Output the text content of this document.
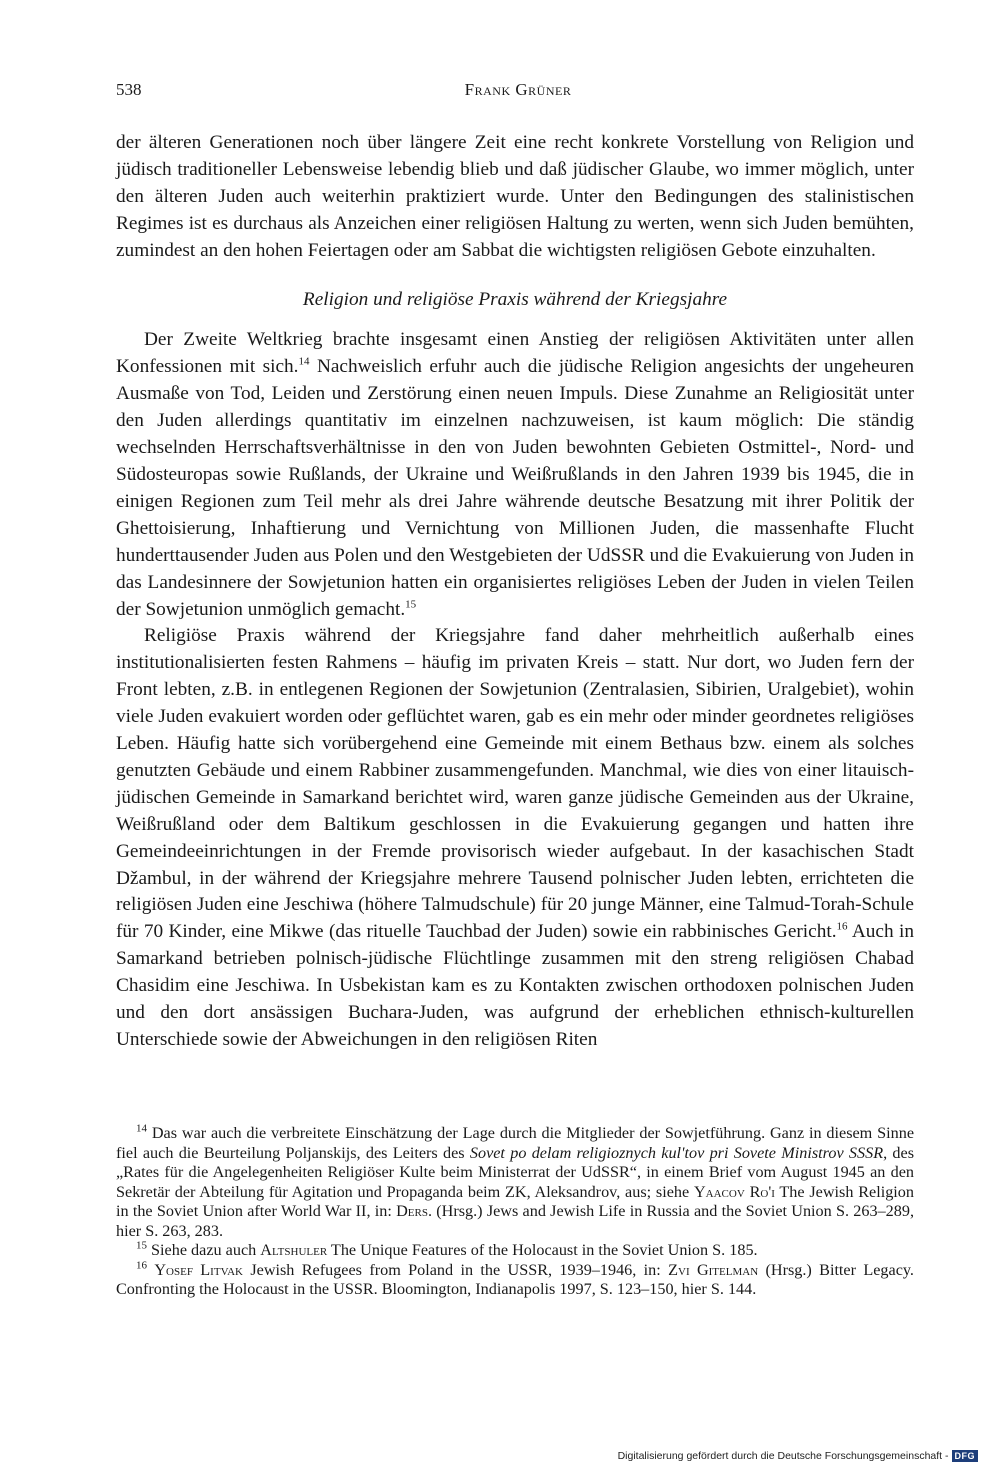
538	Frank Grüner

der älteren Generationen noch über längere Zeit eine recht konkrete Vorstellung von Religion und jüdisch traditioneller Lebensweise lebendig blieb und daß jüdischer Glaube, wo immer möglich, unter den älteren Juden auch weiterhin praktiziert wurde. Unter den Bedingungen des stalinistischen Regimes ist es durchaus als Anzeichen einer religiösen Haltung zu werten, wenn sich Juden bemühten, zumindest an den hohen Feiertagen oder am Sabbat die wichtigsten religiösen Gebote einzuhalten.

Religion und religiöse Praxis während der Kriegsjahre

Der Zweite Weltkrieg brachte insgesamt einen Anstieg der religiösen Aktivitäten unter allen Konfessionen mit sich.$^{14}$ Nachweislich erfuhr auch die jüdische Religion angesichts der ungeheuren Ausmaße von Tod, Leiden und Zerstörung einen neuen Impuls. Diese Zunahme an Religiosität unter den Juden allerdings quantitativ im einzelnen nachzuweisen, ist kaum möglich: Die ständig wechselnden Herrschaftsverhältnisse in den von Juden bewohnten Gebieten Ostmittel-, Nord- und Südosteuropas sowie Rußlands, der Ukraine und Weißrußlands in den Jahren 1939 bis 1945, die in einigen Regionen zum Teil mehr als drei Jahre währende deutsche Besatzung mit ihrer Politik der Ghettoisierung, Inhaftierung und Vernichtung von Millionen Juden, die massenhafte Flucht hunderttausender Juden aus Polen und den Westgebieten der UdSSR und die Evakuierung von Juden in das Landesinnere der Sowjetunion hatten ein organisiertes religiöses Leben der Juden in vielen Teilen der Sowjetunion unmöglich gemacht.$^{15}$

Religiöse Praxis während der Kriegsjahre fand daher mehrheitlich außerhalb eines institutionalisierten festen Rahmens – häufig im privaten Kreis – statt. Nur dort, wo Juden fern der Front lebten, z.B. in entlegenen Regionen der Sowjetunion (Zentralasien, Sibirien, Uralgebiet), wohin viele Juden evakuiert worden oder geflüchtet waren, gab es ein mehr oder minder geordnetes religiöses Leben. Häufig hatte sich vorübergehend eine Gemeinde mit einem Bethaus bzw. einem als solches genutzten Gebäude und einem Rabbiner zusammengefunden. Manchmal, wie dies von einer litauisch-jüdischen Gemeinde in Samarkand berichtet wird, waren ganze jüdische Gemeinden aus der Ukraine, Weißrußland oder dem Baltikum geschlossen in die Evakuierung gegangen und hatten ihre Gemeindeeinrichtungen in der Fremde provisorisch wieder aufgebaut. In der kasachischen Stadt Džambul, in der während der Kriegsjahre mehrere Tausend polnischer Juden lebten, errichteten die religiösen Juden eine Jeschiwa (höhere Talmudschule) für 20 junge Männer, eine Talmud-Torah-Schule für 70 Kinder, eine Mikwe (das rituelle Tauchbad der Juden) sowie ein rabbinisches Gericht.$^{16}$ Auch in Samarkand betrieben polnisch-jüdische Flüchtlinge zusammen mit den streng religiösen Chabad Chasidim eine Jeschiwa. In Usbekistan kam es zu Kontakten zwischen orthodoxen polnischen Juden und den dort ansässigen Buchara-Juden, was aufgrund der erheblichen ethnisch-kulturellen Unterschiede sowie der Abweichungen in den religiösen Riten

$^{14}$ Das war auch die verbreitete Einschätzung der Lage durch die Mitglieder der Sowjetführung. Ganz in diesem Sinne fiel auch die Beurteilung Poljanskijs, des Leiters des Sovet po delam religioznych kul'tov pri Sovete Ministrov SSSR, des „Rates für die Angelegenheiten Religiöser Kulte beim Ministerrat der UdSSR“, in einem Brief vom August 1945 an den Sekretär der Abteilung für Agitation und Propaganda beim ZK, Aleksandrov, aus; siehe Yaacov Ro'i The Jewish Religion in the Soviet Union after World War II, in: Ders. (Hrsg.) Jews and Jewish Life in Russia and the Soviet Union S. 263–289, hier S. 263, 283.

$^{15}$ Siehe dazu auch Altshuler The Unique Features of the Holocaust in the Soviet Union S. 185.

$^{16}$ Yosef Litvak Jewish Refugees from Poland in the USSR, 1939–1946, in: Zvi Gitelman (Hrsg.) Bitter Legacy. Confronting the Holocaust in the USSR. Bloomington, Indianapolis 1997, S. 123–150, hier S. 144.

Digitalisierung gefördert durch die Deutsche Forschungsgemeinschaft - DFG
